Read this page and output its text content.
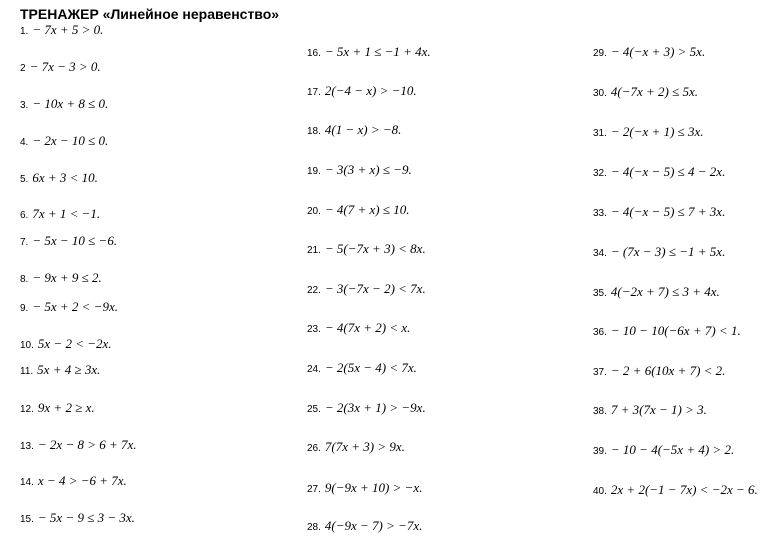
ТРЕНАЖЕР «Линейное неравенство»
1. − 7x + 5 > 0.
2 − 7x − 3 > 0.
3. − 10x + 8 ≤ 0.
4. − 2x − 10 ≤ 0.
5. 6x + 3 < 10.
6. 7x + 1 < −1.
7. − 5x − 10 ≤ −6.
8. − 9x + 9 ≤ 2.
9. − 5x + 2 < −9x.
10. 5x − 2 < −2x.
11. 5x + 4 ≥ 3x.
12. 9x + 2 ≥ x.
13. − 2x − 8 > 6 + 7x.
14. x − 4 > −6 + 7x.
15. − 5x − 9 ≤ 3 − 3x.
16. − 5x + 1 ≤ −1 + 4x.
17. 2(−4 − x) > −10.
18. 4(1 − x) > −8.
19. − 3(3 + x) ≤ −9.
20. − 4(7 + x) ≤ 10.
21. − 5(−7x + 3) < 8x.
22. − 3(−7x − 2) < 7x.
23. − 4(7x + 2) < x.
24. − 2(5x − 4) < 7x.
25. − 2(3x + 1) > −9x.
26. 7(7x + 3) > 9x.
27. 9(−9x + 10) > −x.
28. 4(−9x − 7) > −7x.
29. − 4(−x + 3) > 5x.
30. 4(−7x + 2) ≤ 5x.
31. − 2(−x + 1) ≤ 3x.
32. − 4(−x − 5) ≤ 4 − 2x.
33. − 4(−x − 5) ≤ 7 + 3x.
34. − (7x − 3) ≤ −1 + 5x.
35. 4(−2x + 7) ≤ 3 + 4x.
36. − 10 − 10(−6x + 7) < 1.
37. − 2 + 6(10x + 7) < 2.
38. 7 + 3(7x − 1) > 3.
39. − 10 − 4(−5x + 4) > 2.
40. 2x + 2(−1 − 7x) < −2x − 6.
